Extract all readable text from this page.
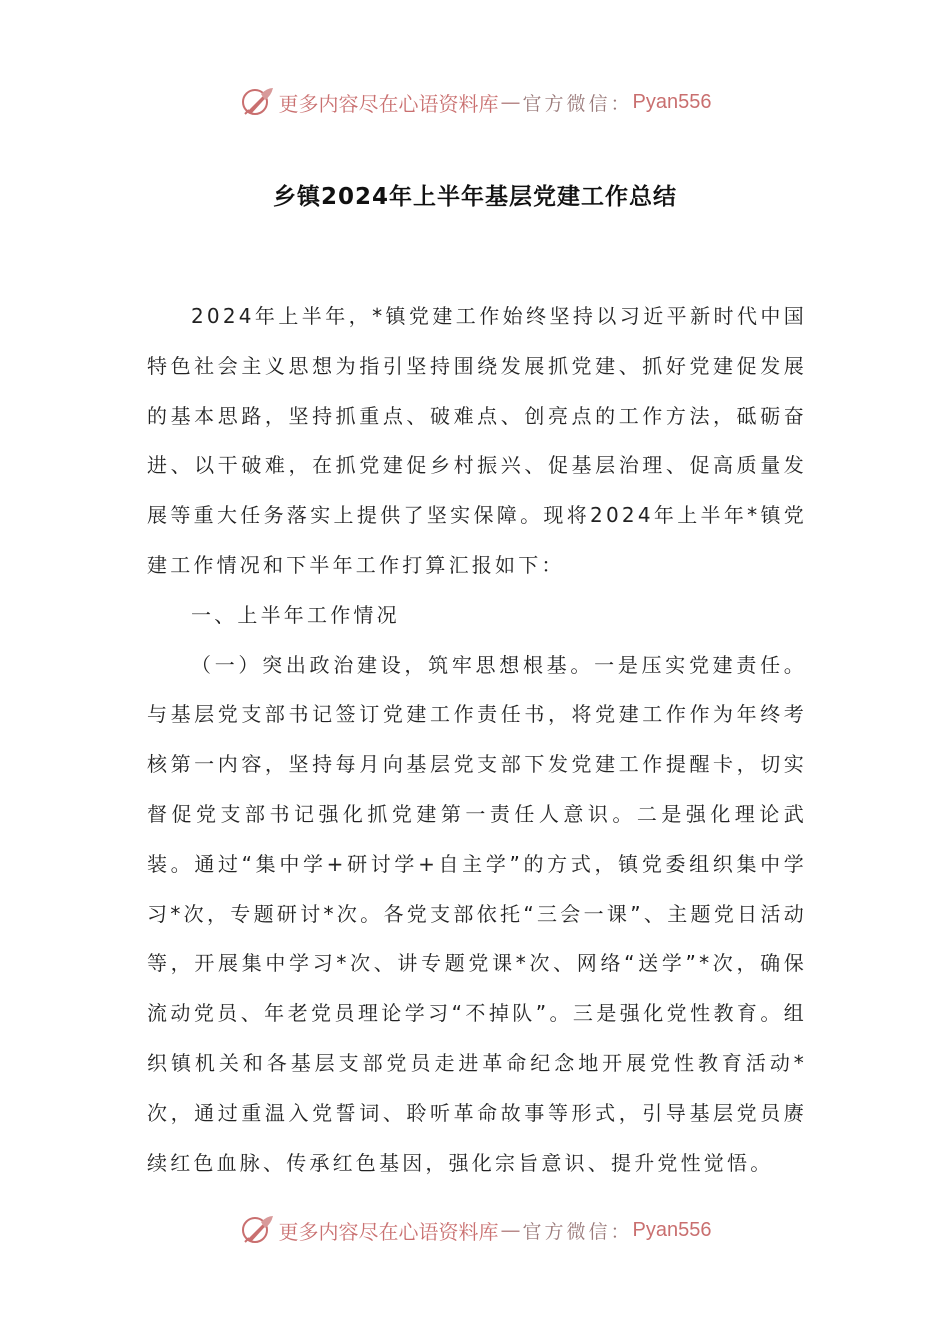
更多内容尽在心语资料库 — 官方微信： Pyan556
乡镇2024年上半年基层党建工作总结

2024年上半年，*镇党建工作始终坚持以习近平新时代中国特色社会主义思想为指引坚持围绕发展抓党建、抓好党建促发展的基本思路，坚持抓重点、破难点、创亮点的工作方法，砥砺奋进、以干破难，在抓党建促乡村振兴、促基层治理、促高质量发展等重大任务落实上提供了坚实保障。现将2024年上半年*镇党建工作情况和下半年工作打算汇报如下：

一、上半年工作情况

（一）突出政治建设，筑牢思想根基。一是压实党建责任。与基层党支部书记签订党建工作责任书，将党建工作作为年终考核第一内容，坚持每月向基层党支部下发党建工作提醒卡，切实督促党支部书记强化抓党建第一责任人意识。二是强化理论武装。通过“集中学+研讨学+自主学”的方式，镇党委组织集中学习*次，专题研讨*次。各党支部依托“三会一课”、主题党日活动等，开展集中学习*次、讲专题党课*次、网络“送学”*次，确保流动党员、年老党员理论学习“不掉队”。三是强化党性教育。组织镇机关和各基层支部党员走进革命纪念地开展党性教育活动*次，通过重温入党誓词、聆听革命故事等形式，引导基层党员赓续红色血脉、传承红色基因，强化宗旨意识、提升党性觉悟。

更多内容尽在心语资料库 — 官方微信： Pyan556
